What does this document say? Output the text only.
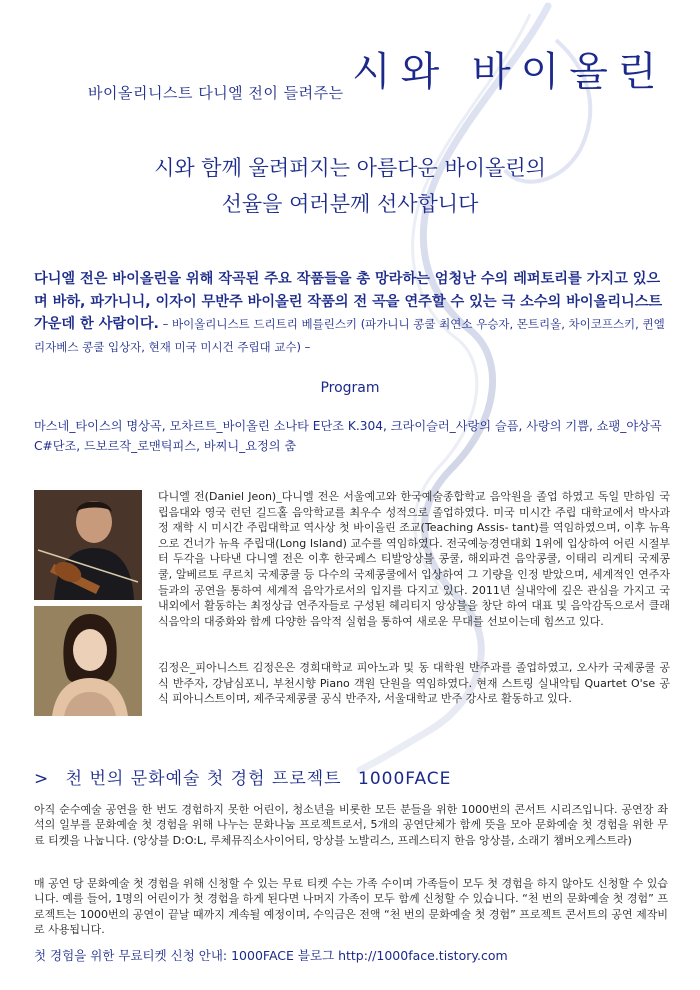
바이올리니스트 다니엘 전이 들려주는 시와 바이올린
시와 함께 울려퍼지는 아름다운 바이올린의
선율을 여러분께 선사합니다
다니엘 전은 바이올린을 위해 작곡된 주요 작품들을 총 망라하는 엄청난 수의 레퍼토리를 가지고 있으며 바하, 파가니니, 이자이 무반주 바이올린 작품의 전 곡을 연주할 수 있는 극 소수의 바이올리니스트 가운데 한 사람이다. – 바이올리니스트 드리트리 베를린스키 (파가니니 콩쿨 최연소 우승자, 몬트리올, 차이코프스키, 퀸엘리자베스 콩쿨 입상자, 현재 미국 미시건 주립대 교수) –
Program
마스네_타이스의 명상곡, 모차르트_바이올린 소나타 E단조 K.304, 크라이슬러_사랑의 슬픔, 사랑의 기쁨, 쇼팽_야상곡 C#단조, 드보르작_로맨틱피스, 바찌니_요정의 춤
다니엘 전(Daniel Jeon)_다니엘 전은 서울예고와 한국예술종합학교 음악원을 졸업 하였고 독일 만하임 국립음대와 영국 런던 길드홀 음악학교를 최우수 성적으로 졸업하였다. 미국 미시간 주립 대학교에서 박사과정 재학 시 미시간 주립대학교 역사상 첫 바이올린 조교(Teaching Assis- tant)를 역임하였으며, 이후 뉴욕으로 건너가 뉴욕 주립대(Long Island) 교수를 역임하였다. 전국예능경연대회 1위에 입상하여 어린 시절부터 두각을 나타낸 다니엘 전은 이후 한국페스 티발앙상블 콩쿨, 해외파견 음악콩쿨, 이태리 리게티 국제콩쿨, 알베르토 쿠르치 국제콩쿨 등 다수의 국제콩쿨에서 입상하여 그 기량을 인정 받았으며, 세계적인 연주자들과의 공연을 통하여 세계적 음악가로서의 입지를 다지고 있다. 2011년 실내악에 깊은 관심을 가지고 국내외에서 활동하는 최정상급 연주자들로 구성된 헤리티지 앙상블을 창단 하여 대표 및 음악감독으로서 클래식음악의 대중화와 함께 다양한 음악적 실험을 통하여 새로운 무대를 선보이는데 힘쓰고 있다.
김정은_피아니스트 김정은은 경희대학교 피아노과 및 동 대학원 반주과를 졸업하였고, 오사카 국제콩쿨 공식 반주자, 강남심포니, 부천시향 Piano 객원 단원을 역임하였다. 현재 스트링 실내악팀 Quartet O'se 공식 피아니스트이며, 제주국제콩쿨 공식 반주자, 서울대학교 반주 강사로 활동하고 있다.
> 천 번의 문화예술 첫 경험 프로젝트 1000FACE
아직 순수예술 공연을 한 번도 경험하지 못한 어린이, 청소년을 비롯한 모든 분들을 위한 1000번의 콘서트 시리즈입니다. 공연장 좌석의 일부를 문화예술 첫 경험을 위해 나누는 문화나눔 프로젝트로서, 5개의 공연단체가 함께 뜻을 모아 문화예술 첫 경험을 위한 무료 티켓을 나눕니다. (앙상블 D:O:L, 루체뮤직소사이어티, 앙상블 노발리스, 프레스티지 한음 앙상블, 소래기 챔버오케스트라)
매 공연 당 문화예술 첫 경험을 위해 신청할 수 있는 무료 티켓 수는 가족 수이며 가족들이 모두 첫 경험을 하지 않아도 신청할 수 있습니다. 예를 들어, 1명의 어린이가 첫 경험을 하게 된다면 나머지 가족이 모두 함께 신청할 수 있습니다. “천 번의 문화예술 첫 경험” 프로젝트는 1000번의 공연이 끝날 때까지 계속될 예정이며, 수익금은 전액 “천 번의 문화예술 첫 경험” 프로젝트 콘서트의 공연 제작비로 사용됩니다.
첫 경험을 위한 무료티켓 신청 안내: 1000FACE 블로그 http://1000face.tistory.com
